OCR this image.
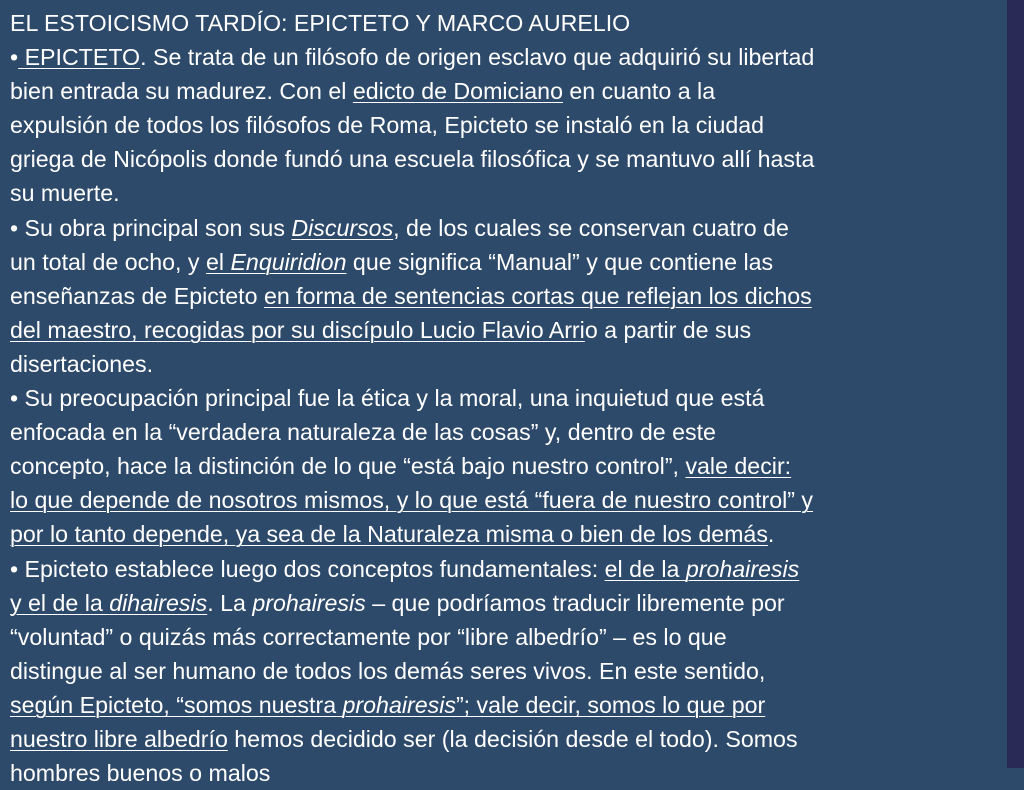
EL ESTOICISMO TARDÍO: EPICTETO Y MARCO AURELIO
• EPICTETO. Se trata de un filósofo de origen esclavo que adquirió su libertad
bien entrada su madurez. Con el edicto de Domiciano en cuanto a la
expulsión de todos los filósofos de Roma, Epicteto se instaló en la ciudad
griega de Nicópolis donde fundó una escuela filosófica y se mantuvo allí hasta
su muerte.
• Su obra principal son sus Discursos, de los cuales se conservan cuatro de
un total de ocho, y el Enquiridion que significa “Manual” y que contiene las
enseñanzas de Epicteto en forma de sentencias cortas que reflejan los dichos
del maestro, recogidas por su discípulo Lucio Flavio Arrio a partir de sus
disertaciones.
• Su preocupación principal fue la ética y la moral, una inquietud que está
enfocada en la “verdadera naturaleza de las cosas” y, dentro de este
concepto, hace la distinción de lo que “está bajo nuestro control”, vale decir:
lo que depende de nosotros mismos, y lo que está “fuera de nuestro control” y
por lo tanto depende, ya sea de la Naturaleza misma o bien de los demás.
• Epicteto establece luego dos conceptos fundamentales: el de la prohairesis
y el de la dihairesis. La prohairesis – que podríamos traducir libremente por
“voluntad” o quizás más correctamente por “libre albedrío” – es lo que
distingue al ser humano de todos los demás seres vivos. En este sentido,
según Epicteto, “somos nuestra prohairesis”; vale decir, somos lo que por
nuestro libre albedrío hemos decidido ser (la decisión desde el todo). Somos
hombres buenos o malos
